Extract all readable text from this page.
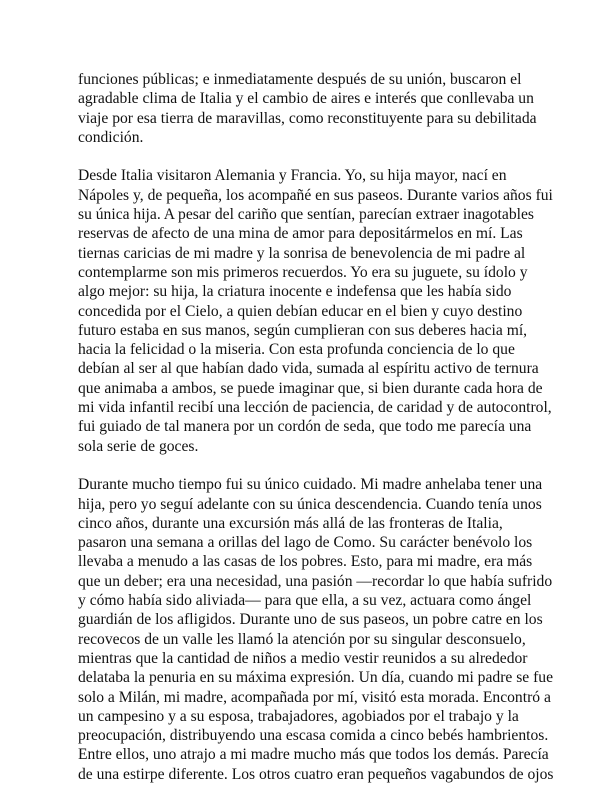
funciones públicas; e inmediatamente después de su unión, buscaron el
agradable clima de Italia y el cambio de aires e interés que conllevaba un
viaje por esa tierra de maravillas, como reconstituyente para su debilitada
condición.

Desde Italia visitaron Alemania y Francia. Yo, su hija mayor, nací en
Nápoles y, de pequeña, los acompañé en sus paseos. Durante varios años fui
su única hija. A pesar del cariño que sentían, parecían extraer inagotables
reservas de afecto de una mina de amor para depositármelos en mí. Las
tiernas caricias de mi madre y la sonrisa de benevolencia de mi padre al
contemplarme son mis primeros recuerdos. Yo era su juguete, su ídolo y
algo mejor: su hija, la criatura inocente e indefensa que les había sido
concedida por el Cielo, a quien debían educar en el bien y cuyo destino
futuro estaba en sus manos, según cumplieran con sus deberes hacia mí,
hacia la felicidad o la miseria. Con esta profunda conciencia de lo que
debían al ser al que habían dado vida, sumada al espíritu activo de ternura
que animaba a ambos, se puede imaginar que, si bien durante cada hora de
mi vida infantil recibí una lección de paciencia, de caridad y de autocontrol,
fui guiado de tal manera por un cordón de seda, que todo me parecía una
sola serie de goces.

Durante mucho tiempo fui su único cuidado. Mi madre anhelaba tener una
hija, pero yo seguí adelante con su única descendencia. Cuando tenía unos
cinco años, durante una excursión más allá de las fronteras de Italia,
pasaron una semana a orillas del lago de Como. Su carácter benévolo los
llevaba a menudo a las casas de los pobres. Esto, para mi madre, era más
que un deber; era una necesidad, una pasión —recordar lo que había sufrido
y cómo había sido aliviada— para que ella, a su vez, actuara como ángel
guardián de los afligidos. Durante uno de sus paseos, un pobre catre en los
recovecos de un valle les llamó la atención por su singular desconsuelo,
mientras que la cantidad de niños a medio vestir reunidos a su alrededor
delataba la penuria en su máxima expresión. Un día, cuando mi padre se fue
solo a Milán, mi madre, acompañada por mí, visitó esta morada. Encontró a
un campesino y a su esposa, trabajadores, agobiados por el trabajo y la
preocupación, distribuyendo una escasa comida a cinco bebés hambrientos.
Entre ellos, uno atrajo a mi madre mucho más que todos los demás. Parecía
de una estirpe diferente. Los otros cuatro eran pequeños vagabundos de ojos
